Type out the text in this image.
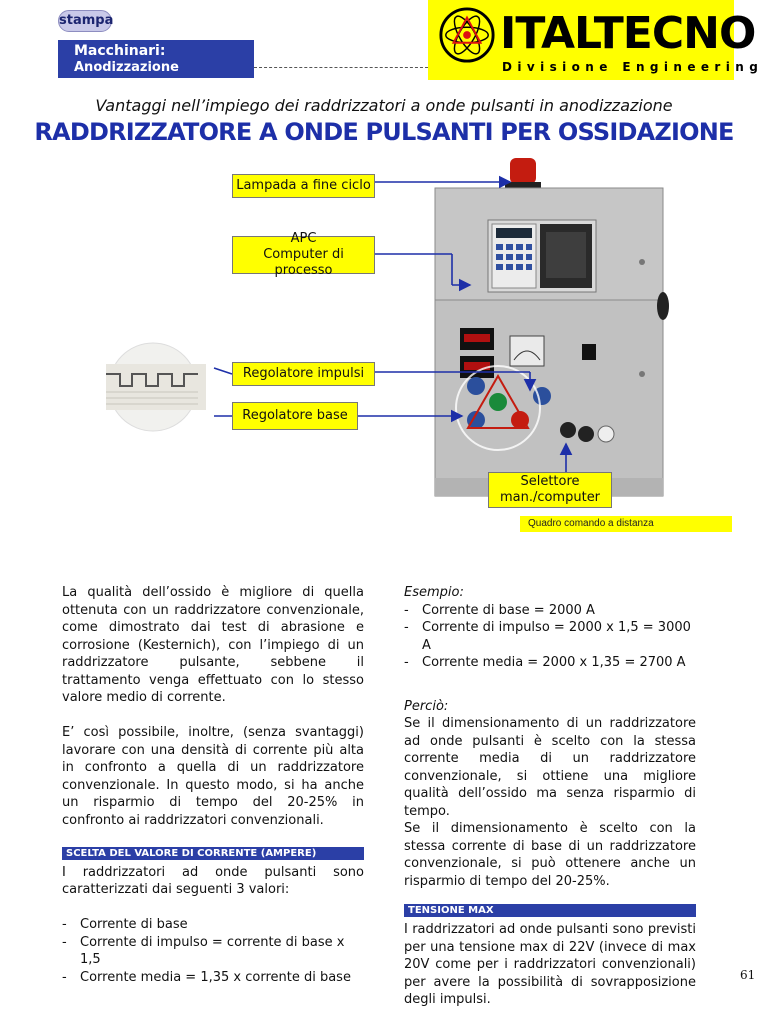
stampa
Macchinari:
Anodizzazione
ITALTECNO
Divisione Engineering
Vantaggi nell’impiego dei raddrizzatori a onde pulsanti in anodizzazione
RADDRIZZATORE A ONDE PULSANTI PER OSSIDAZIONE
Lampada a fine ciclo
APC
Computer di processo
Regolatore impulsi
Regolatore base
Selettore
man./computer
Quadro comando a distanza

La qualità dell’ossido è migliore di quella ottenuta con un raddrizzatore convenzionale, come dimostrato dai test di abrasione e corrosione (Kesternich), con l’impiego di un raddrizzatore pulsante, sebbene il trattamento venga effettuato con lo stesso valore medio di corrente.

E’ così possibile, inoltre, (senza svantaggi) lavorare con una densità di corrente più alta in confronto a quella di un raddrizzatore convenzionale. In questo modo, si ha anche un risparmio di tempo del 20-25% in confronto ai raddrizzatori convenzionali.

SCELTA DEL VALORE DI CORRENTE (AMPERE)

I raddrizzatori ad onde pulsanti sono caratterizzati dai seguenti 3 valori:

-	Corrente di base
-	Corrente di impulso = corrente di base x 1,5
-	Corrente media = 1,35 x corrente di base
Esempio:
-	Corrente di base = 2000 A
-	Corrente di impulso = 2000 x 1,5 = 3000 A
-	Corrente media = 2000 x 1,35 = 2700 A
Perciò:

Se il dimensionamento di un raddrizzatore ad onde pulsanti è scelto con la stessa corrente media di un raddrizzatore convenzionale, si ottiene una migliore qualità dell’ossido ma senza risparmio di tempo.

Se il dimensionamento è scelto con la stessa corrente di base di un raddrizzatore convenzionale, si può ottenere anche un risparmio di tempo del 20-25%.

TENSIONE MAX

I raddrizzatori ad onde pulsanti sono previsti per una tensione max di 22V (invece di max 20V come per i raddrizzatori convenzionali) per avere la possibilità di sovrapposizione degli impulsi.

61
